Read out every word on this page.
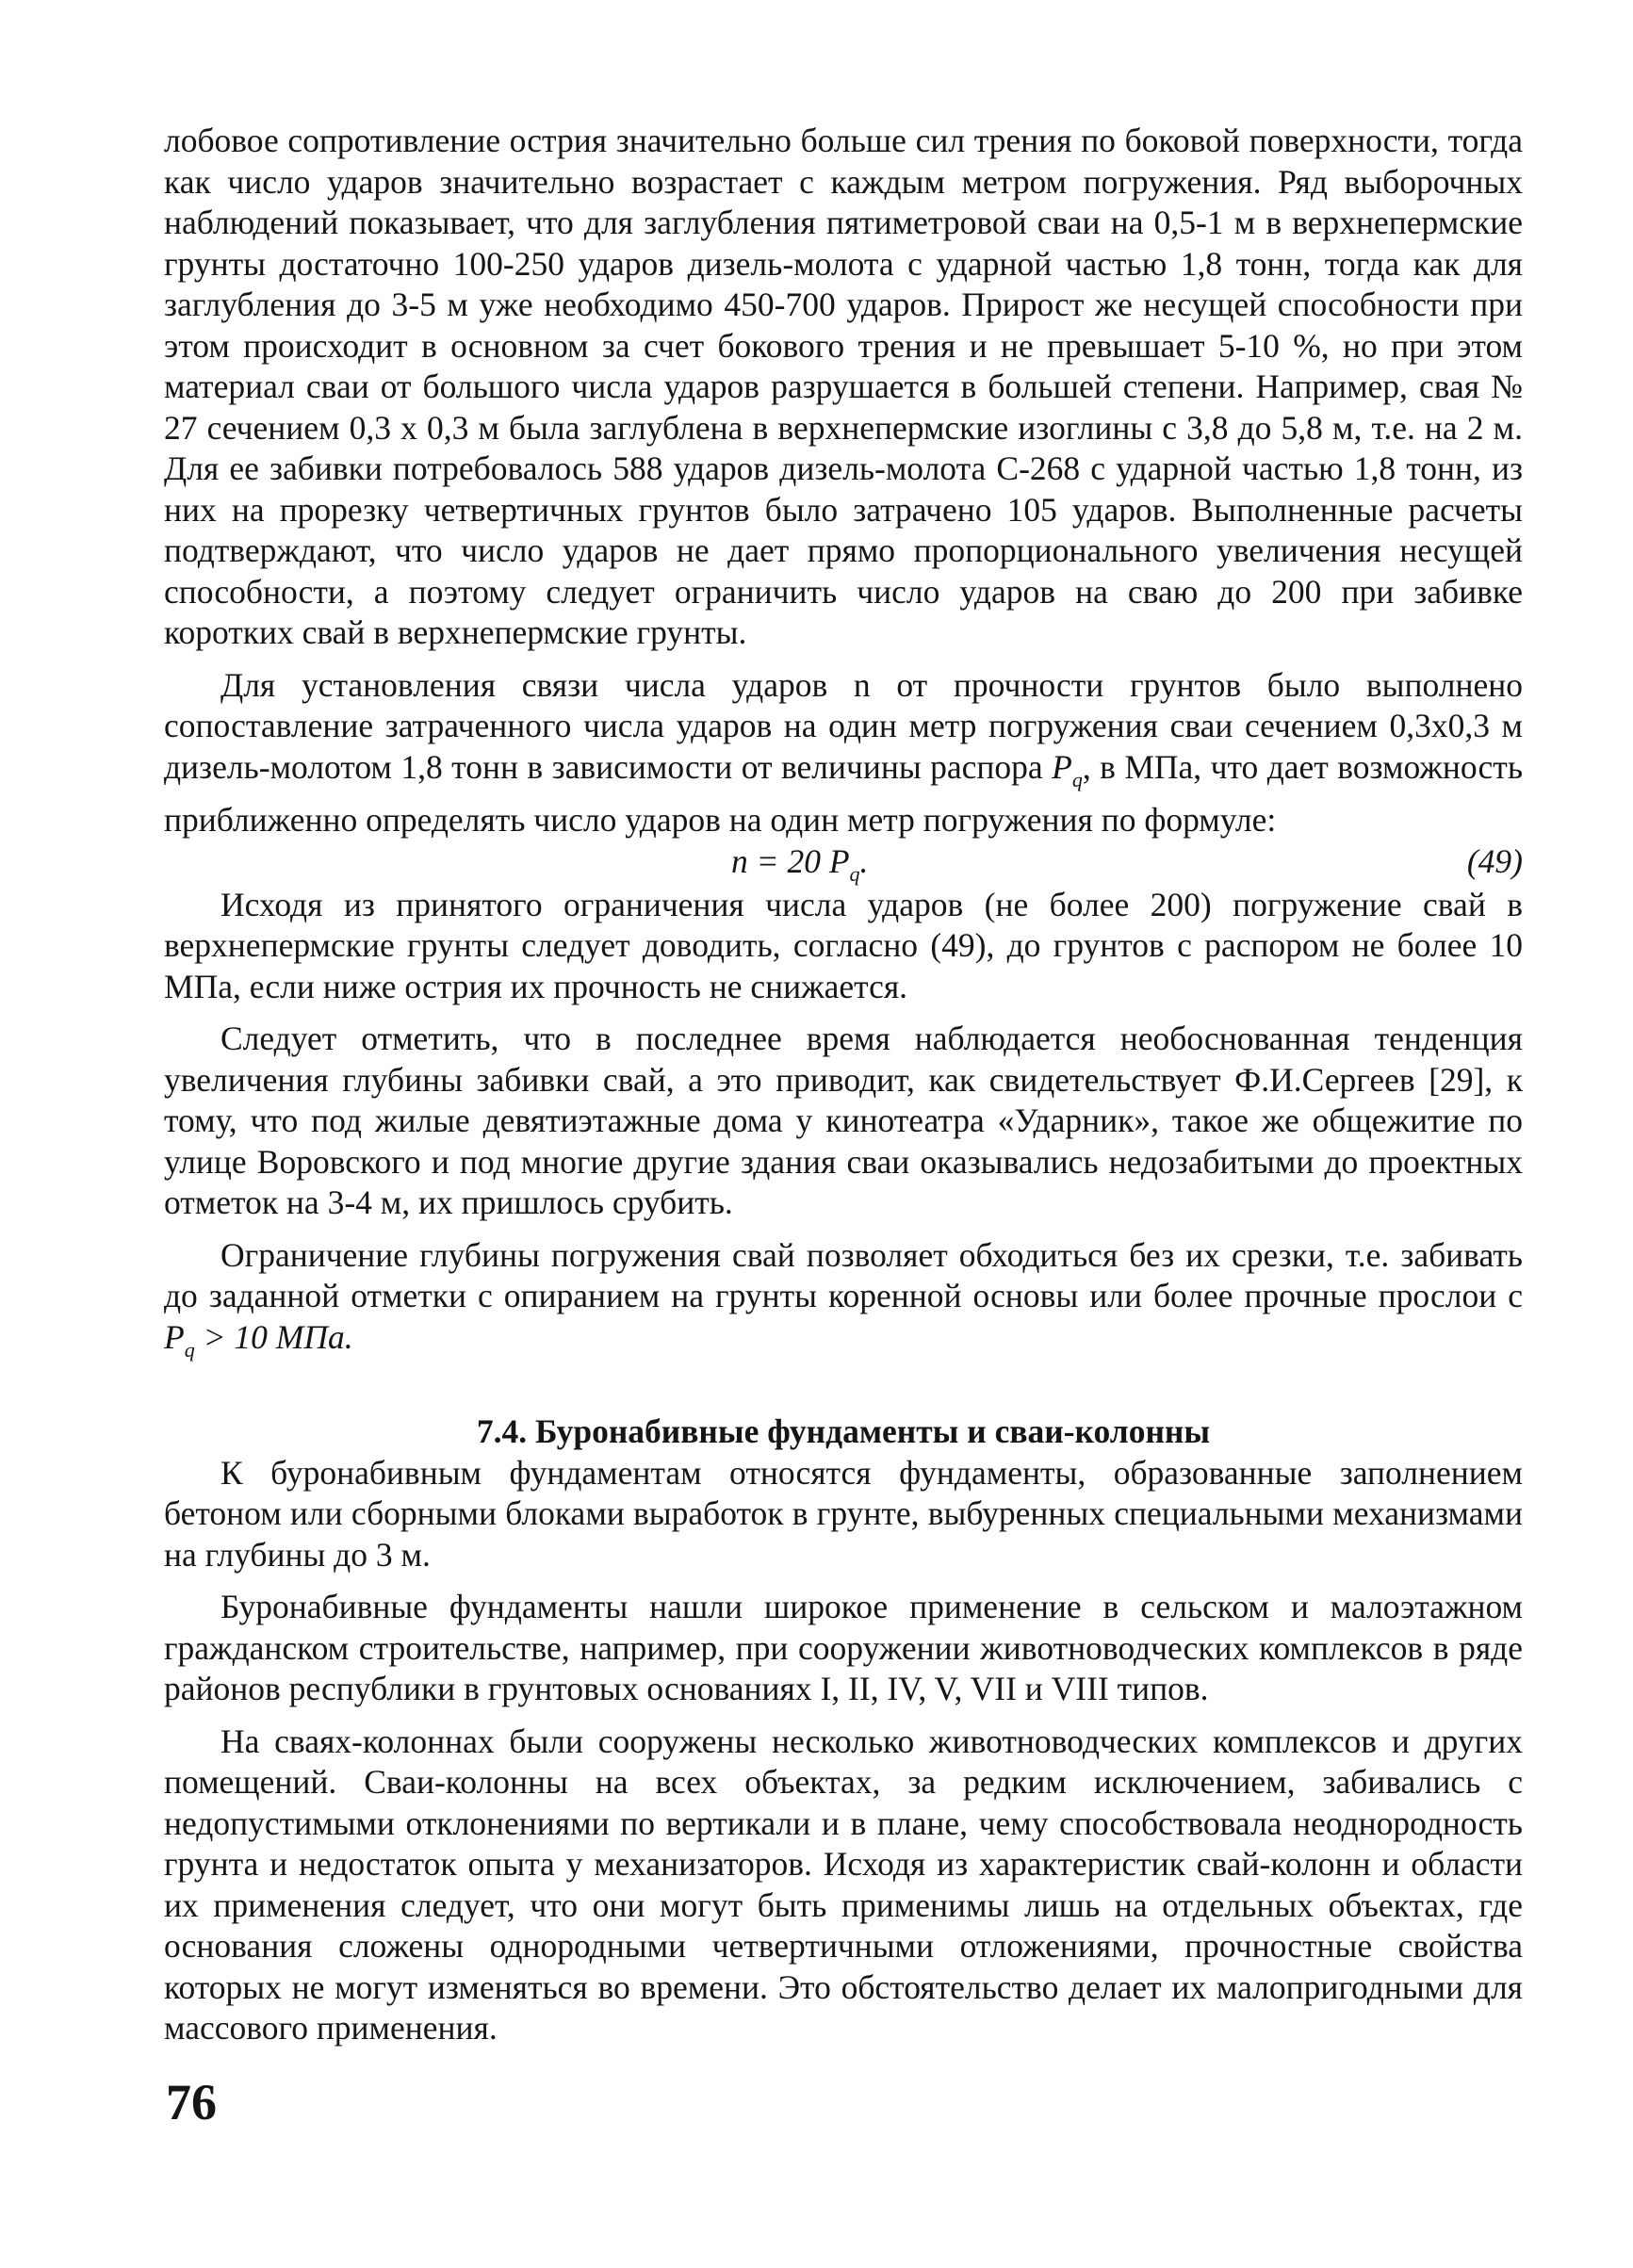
лобовое сопротивление острия значительно больше сил трения по боковой поверхности, тогда как число ударов значительно возрастает с каждым метром погружения. Ряд выборочных наблюдений показывает, что для заглубления пятиметровой сваи на 0,5-1 м в верхнепермские грунты достаточно 100-250 ударов дизель-молота с ударной частью 1,8 тонн, тогда как для заглубления до 3-5 м уже необходимо 450-700 ударов. Прирост же несущей способности при этом происходит в основном за счет бокового трения и не превышает 5-10 %, но при этом материал сваи от большого числа ударов разрушается в большей степени. Например, свая № 27 сечением 0,3 х 0,3 м была заглублена в верхнепермские изоглины с 3,8 до 5,8 м, т.е. на 2 м. Для ее забивки потребовалось 588 ударов дизель-молота С-268 с ударной частью 1,8 тонн, из них на прорезку четвертичных грунтов было затрачено 105 ударов. Выполненные расчеты подтверждают, что число ударов не дает прямо пропорционального увеличения несущей способности, а поэтому следует ограничить число ударов на сваю до 200 при забивке коротких свай в верхнепермские грунты.

Для установления связи числа ударов n от прочности грунтов было выполнено сопоставление затраченного числа ударов на один метр погружения сваи сечением 0,3х0,3 м дизель-молотом 1,8 тонн в зависимости от величины распора $P_q$, в МПа, что дает возможность приближенно определять число ударов на один метр погружения по формуле:

n = 20 $P_q$.	(49)

Исходя из принятого ограничения числа ударов (не более 200) погружение свай в верхнепермские грунты следует доводить, согласно (49), до грунтов с распором не более 10 МПа, если ниже острия их прочность не снижается.

Следует отметить, что в последнее время наблюдается необоснованная тенденция увеличения глубины забивки свай, а это приводит, как свидетельствует Ф.И.Сергеев [29], к тому, что под жилые девятиэтажные дома у кинотеатра «Ударник», такое же общежитие по улице Воровского и под многие другие здания сваи оказывались недозабитыми до проектных отметок на 3-4 м, их пришлось срубить.

Ограничение глубины погружения свай позволяет обходиться без их срезки, т.е. забивать до заданной отметки с опиранием на грунты коренной основы или более прочные прослои с $P_q > 10$ МПа.

7.4. Буронабивные фундаменты и сваи-колонны

К буронабивным фундаментам относятся фундаменты, образованные заполнением бетоном или сборными блоками выработок в грунте, выбуренных специальными механизмами на глубины до 3 м.

Буронабивные фундаменты нашли широкое применение в сельском и малоэтажном гражданском строительстве, например, при сооружении животноводческих комплексов в ряде районов республики в грунтовых основаниях I, II, IV, V, VII и VIII типов.

На сваях-колоннах были сооружены несколько животноводческих комплексов и других помещений. Сваи-колонны на всех объектах, за редким исключением, забивались с недопустимыми отклонениями по вертикали и в плане, чему способствовала неоднородность грунта и недостаток опыта у механизаторов. Исходя из характеристик свай-колонн и области их применения следует, что они могут быть применимы лишь на отдельных объектах, где основания сложены однородными четвертичными отложениями, прочностные свойства которых не могут изменяться во времени. Это обстоятельство делает их малопригодными для массового применения.

76
